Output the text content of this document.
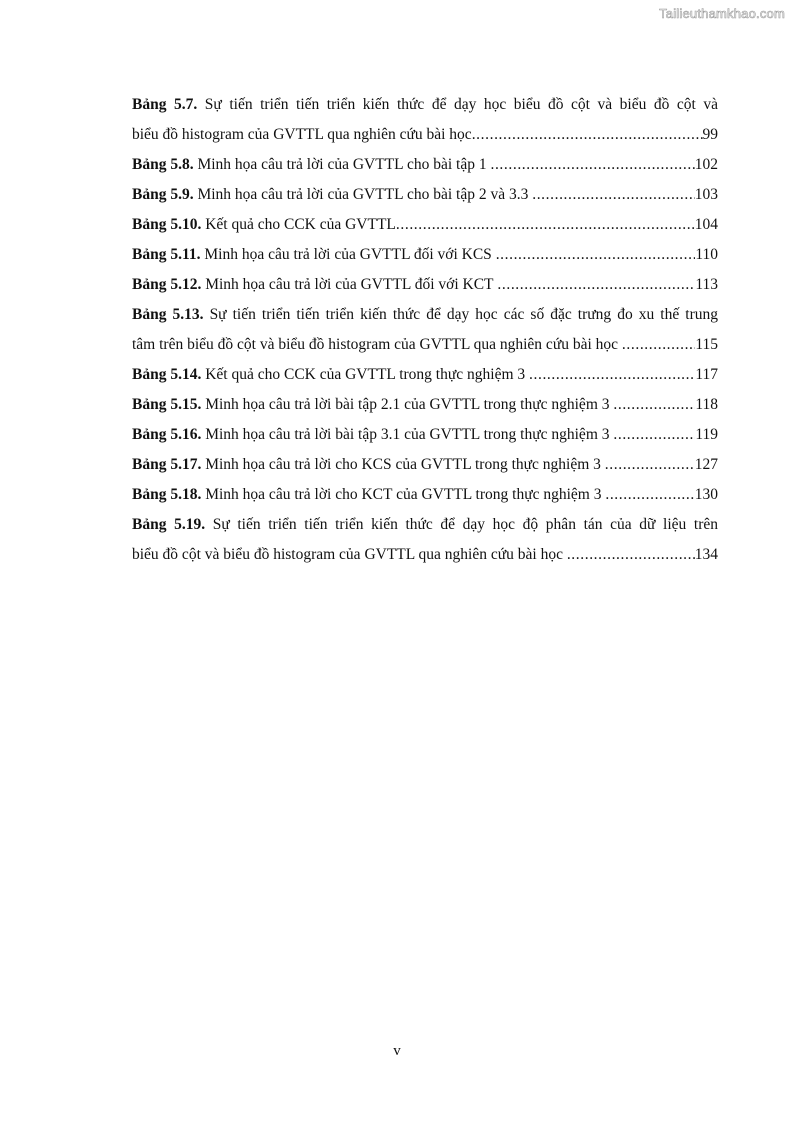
Tailieuthamkhao.com
Bảng 5.7. Sự tiến triển tiến triển kiến thức để dạy học biểu đồ cột và biểu đồ cột và
biểu đồ histogram của GVTTL qua nghiên cứu bài học .....	99
Bảng 5.8.
Minh họa câu trả lời của GVTTL cho bài tập 1
.....	102
Bảng 5.9.
Minh họa câu trả lời của GVTTL cho bài tập 2 và 3.3
.....	103
Bảng 5.10.
Kết quả cho CCK của GVTTL .....	104
Bảng 5.11.
Minh họa câu trả lời của GVTTL đối với KCS
.....	110
Bảng 5.12.
Minh họa câu trả lời của GVTTL đối với KCT
.....	113
Bảng 5.13. Sự tiến triển tiến triển kiến thức để dạy học các số đặc trưng đo xu thế trung
tâm trên biểu đồ cột và biểu đồ histogram của GVTTL qua nghiên cứu bài học
.....	115
Bảng 5.14.
Kết quả cho CCK của GVTTL trong thực nghiệm 3
.....	117
Bảng 5.15.
Minh họa câu trả lời bài tập 2.1 của GVTTL trong thực nghiệm 3
.....	118
Bảng 5.16.
Minh họa câu trả lời bài tập 3.1 của GVTTL trong thực nghiệm 3
.....	119
Bảng 5.17.
Minh họa câu trả lời cho KCS của GVTTL trong thực nghiệm 3
.....	127
Bảng 5.18.
Minh họa câu trả lời cho KCT của GVTTL trong thực nghiệm 3
.....	130
Bảng 5.19. Sự tiến triển tiến triển kiến thức để dạy học độ phân tán của dữ liệu trên
biểu đồ cột và biểu đồ histogram của GVTTL qua nghiên cứu bài học
.....	134
v
